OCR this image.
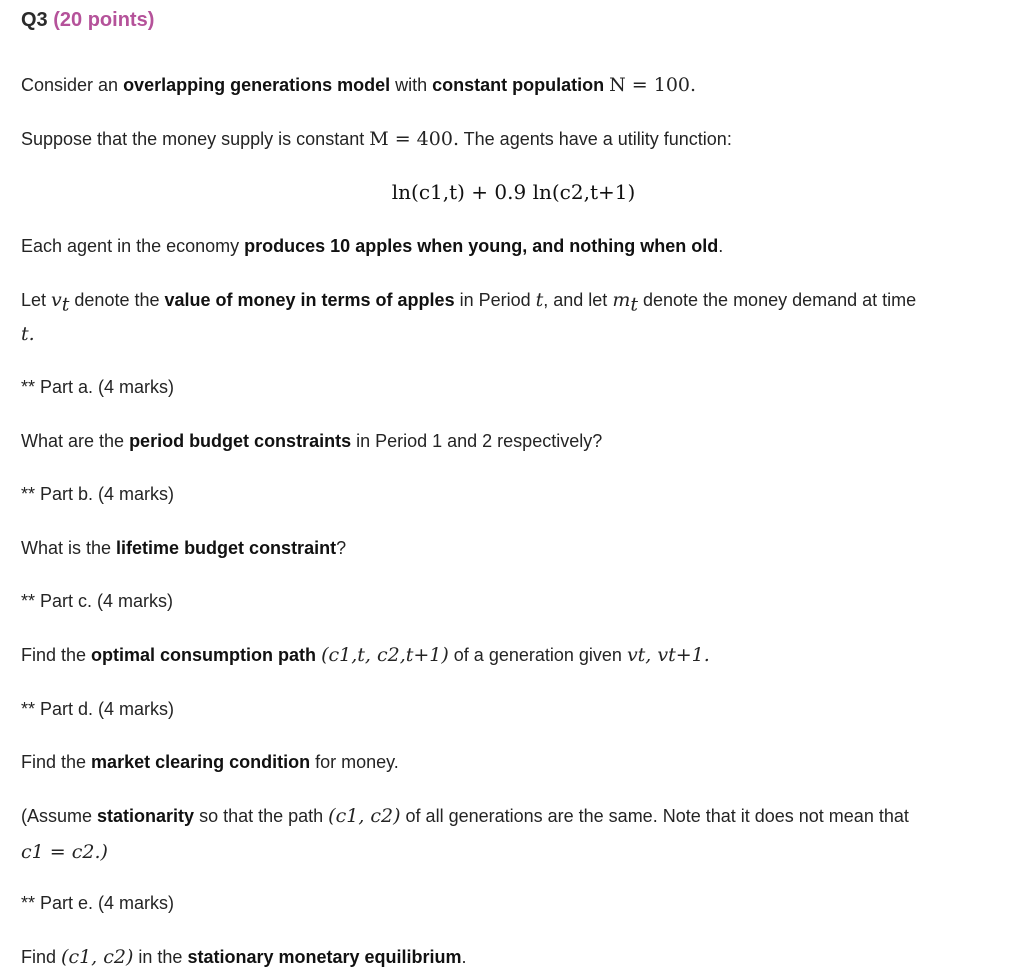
Q3 (20 points)
Consider an overlapping generations model with constant population N = 100.
Suppose that the money supply is constant M = 400. The agents have a utility function:
ln(c1,t) + 0.9 ln(c2,t+1)
Each agent in the economy produces 10 apples when young, and nothing when old.
Let $v_t$ denote the value of money in terms of apples in Period t, and let $m_t$ denote the money demand at time
t.
** Part a. (4 marks)
What are the period budget constraints in Period 1 and 2 respectively?
** Part b. (4 marks)
What is the lifetime budget constraint?
** Part c. (4 marks)
Find the optimal consumption path (c1,t, c2,t+1) of a generation given vt, vt+1.
** Part d. (4 marks)
Find the market clearing condition for money.
(Assume stationarity so that the path (c1, c2) of all generations are the same. Note that it does not mean that
c1 = c2.)
** Part e. (4 marks)
Find (c1, c2) in the stationary monetary equilibrium.
